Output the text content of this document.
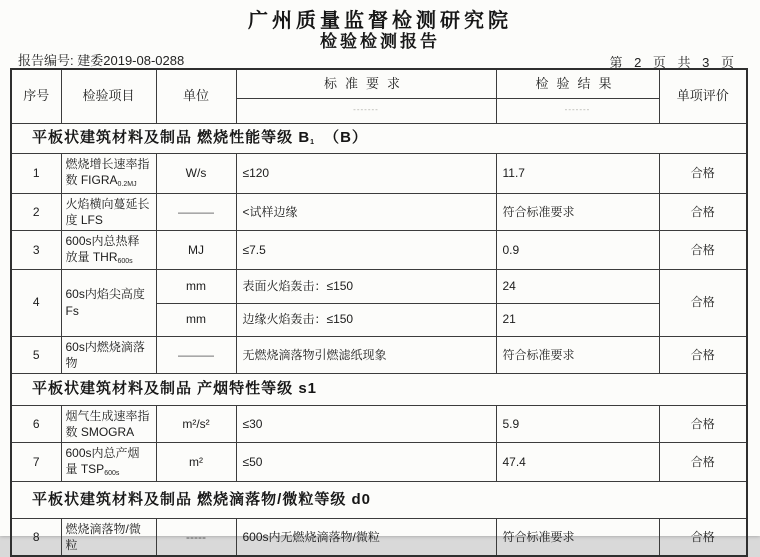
广州质量监督检测研究院
检验检测报告
报告编号: 建委2019-08-0288	第 2 页 共 3 页
序号	检验项目	单位	标准要求	检验结果	单项评价
			-------	-------	
平板状建筑材料及制品 燃烧性能等级 $B_1$ （B）					
1	燃烧增长速率指数 $FIGRA_{0.2MJ}$	W/s	≤120	11.7	合格
2	火焰横向蔓延长度 LFS	———	<试样边缘	符合标准要求	合格
3	600s内总热释放量 $THR_{600s}$	MJ	≤7.5	0.9	合格
4	60s内焰尖高度 Fs	mm	表面火焰轰击：≤150	24	合格
		mm	边缘火焰轰击：≤150	21	
5	60s内燃烧滴落物	———	无燃烧滴落物引燃滤纸现象	符合标准要求	合格
平板状建筑材料及制品 产烟特性等级 s1					
6	烟气生成速率指数 SMOGRA	m²/s²	≤30	5.9	合格
7	600s内总产烟量 $TSP_{600s}$	m²	≤50	47.4	合格
平板状建筑材料及制品 燃烧滴落物/微粒等级 d0					
8	燃烧滴落物/微粒	-----	600s内无燃烧滴落物/微粒	符合标准要求	合格
